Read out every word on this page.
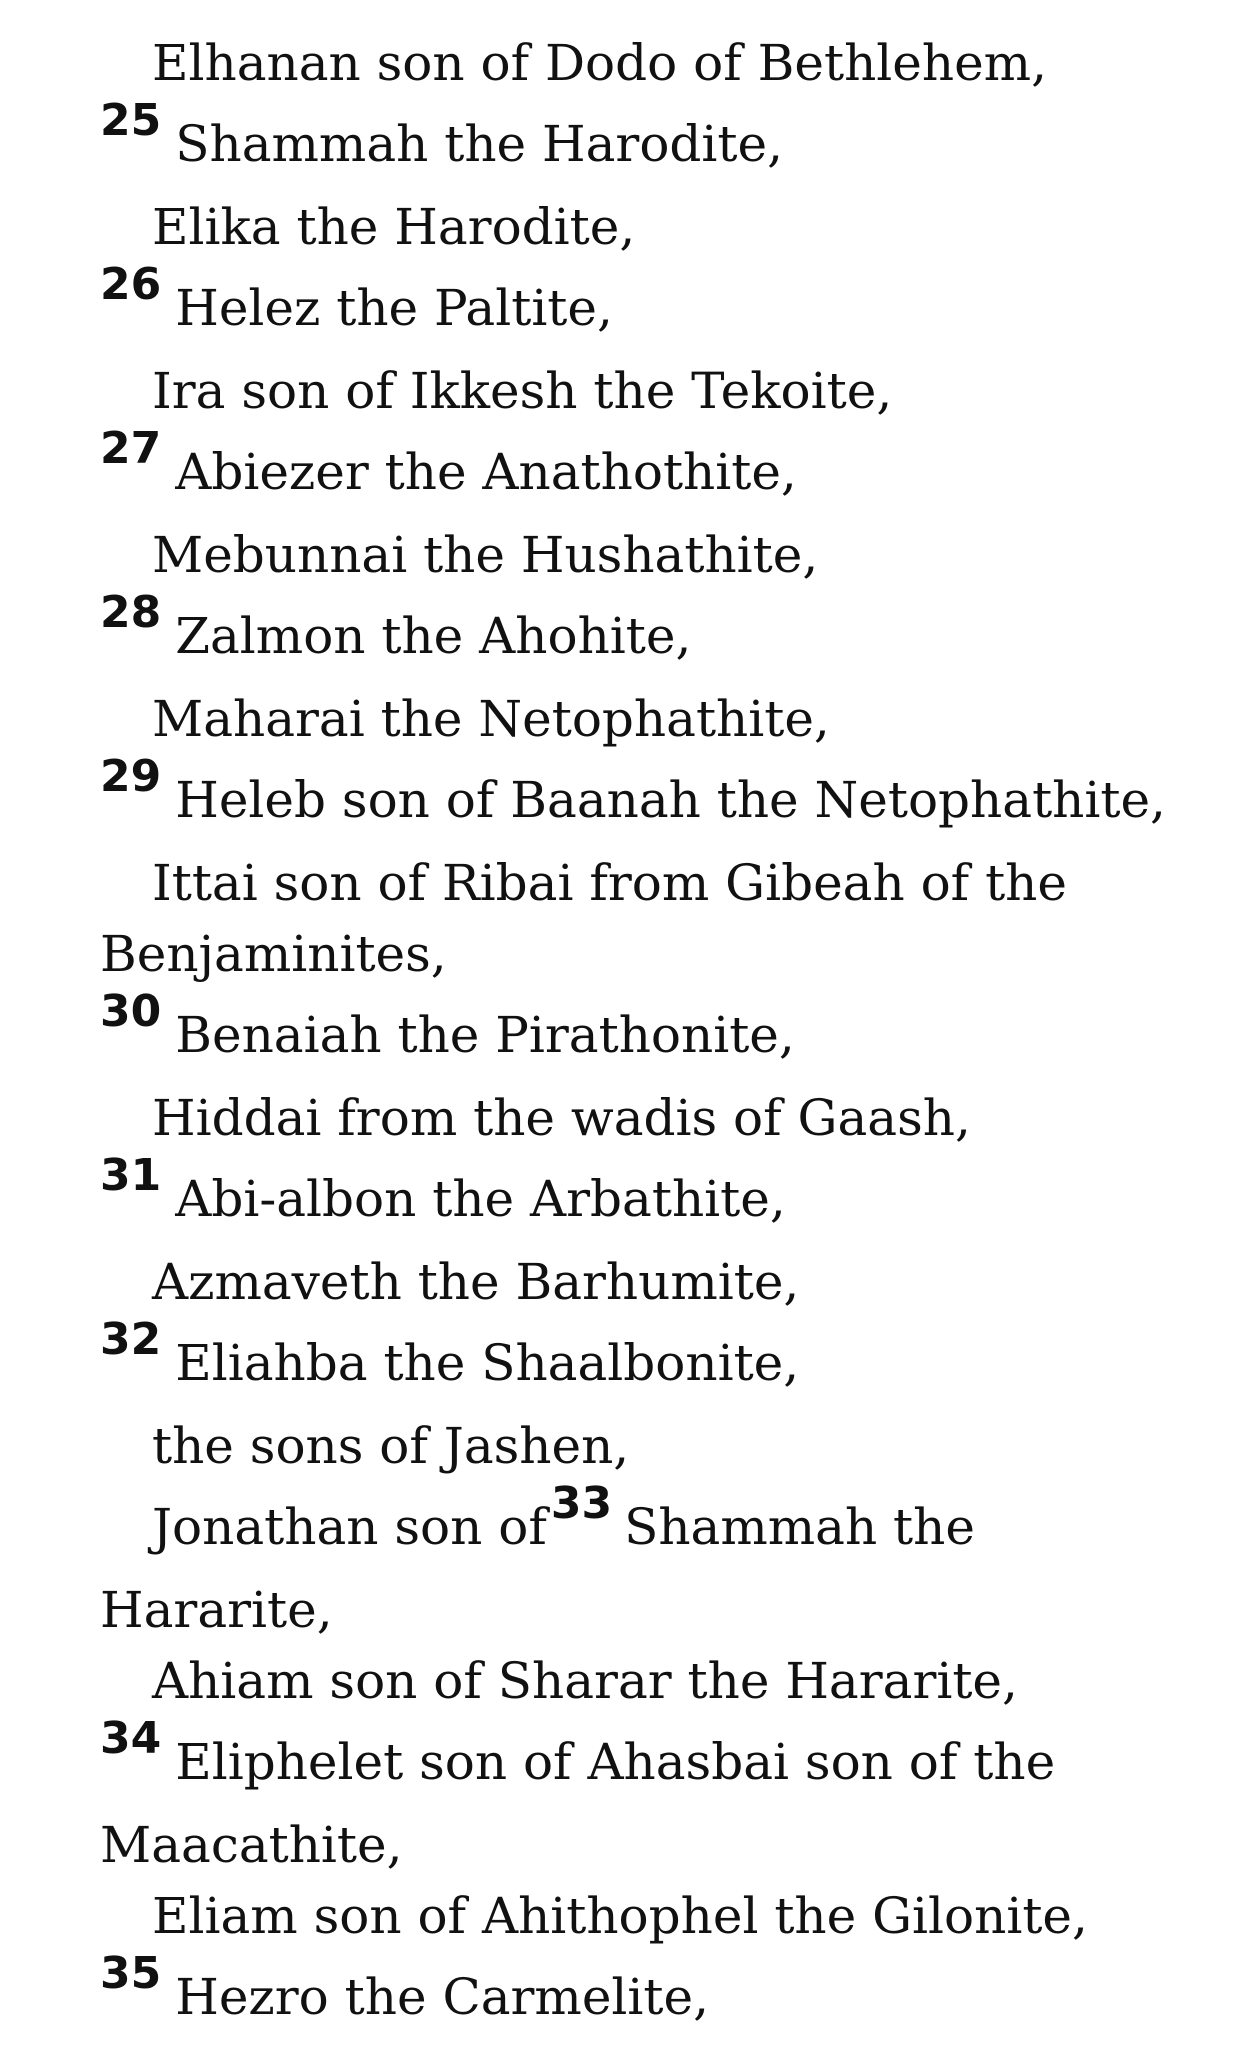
Elhanan son of Dodo of Bethlehem,
25 Shammah the Harodite,
Elika the Harodite,
26 Helez the Paltite,
Ira son of Ikkesh the Tekoite,
27 Abiezer the Anathothite,
Mebunnai the Hushathite,
28 Zalmon the Ahohite,
Maharai the Netophathite,
29 Heleb son of Baanah the Netophathite,
Ittai son of Ribai from Gibeah of the
Benjaminites,
30 Benaiah the Pirathonite,
Hiddai from the wadis of Gaash,
31 Abi-albon the Arbathite,
Azmaveth the Barhumite,
32 Eliahba the Shaalbonite,
the sons of Jashen,
Jonathan son of33 Shammah the
Hararite,
Ahiam son of Sharar the Hararite,
34 Eliphelet son of Ahasbai son of the
Maacathite,
Eliam son of Ahithophel the Gilonite,
35 Hezro the Carmelite,
